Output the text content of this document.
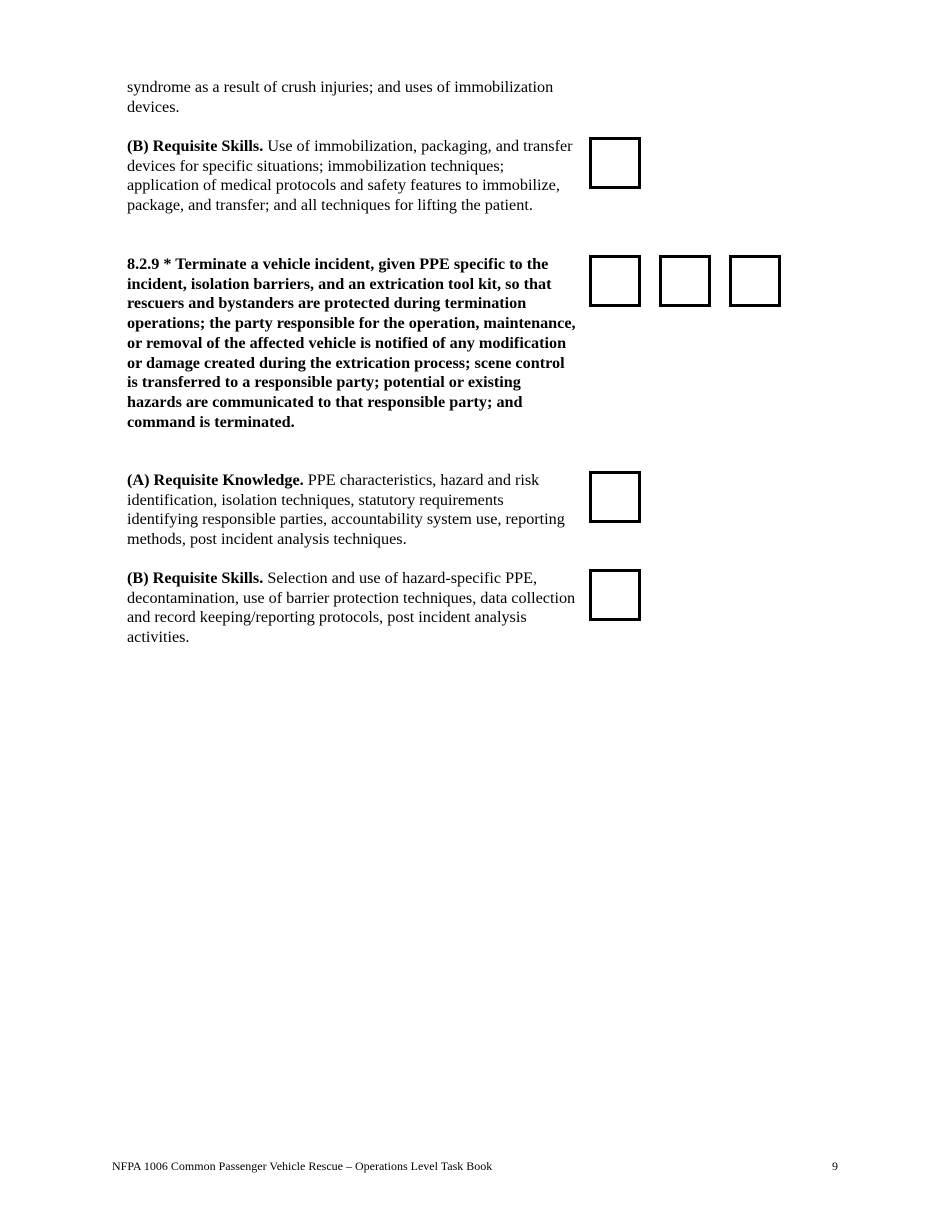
syndrome as a result of crush injuries; and uses of immobilization devices.
(B) Requisite Skills. Use of immobilization, packaging, and transfer devices for specific situations; immobilization techniques; application of medical protocols and safety features to immobilize, package, and transfer; and all techniques for lifting the patient.
8.2.9 * Terminate a vehicle incident, given PPE specific to the incident, isolation barriers, and an extrication tool kit, so that rescuers and bystanders are protected during termination operations; the party responsible for the operation, maintenance, or removal of the affected vehicle is notified of any modification or damage created during the extrication process; scene control is transferred to a responsible party; potential or existing hazards are communicated to that responsible party; and command is terminated.
(A) Requisite Knowledge. PPE characteristics, hazard and risk identification, isolation techniques, statutory requirements identifying responsible parties, accountability system use, reporting methods, post incident analysis techniques.
(B) Requisite Skills. Selection and use of hazard-specific PPE, decontamination, use of barrier protection techniques, data collection and record keeping/reporting protocols, post incident analysis activities.
NFPA 1006 Common Passenger Vehicle Rescue – Operations Level Task Book	9
